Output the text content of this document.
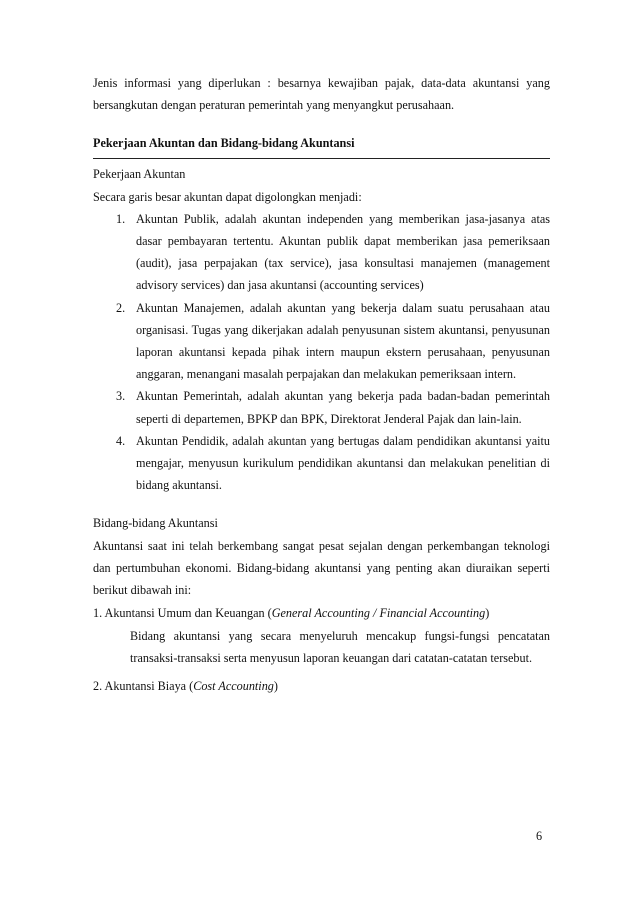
Jenis informasi yang diperlukan : besarnya kewajiban pajak, data-data akuntansi yang bersangkutan dengan peraturan pemerintah yang menyangkut perusahaan.

Pekerjaan Akuntan dan Bidang-bidang Akuntansi

Pekerjaan Akuntan

Secara garis besar akuntan dapat digolongkan menjadi:

1. Akuntan Publik, adalah akuntan independen yang memberikan jasa-jasanya atas dasar pembayaran tertentu. Akuntan publik dapat memberikan jasa pemeriksaan (audit), jasa perpajakan (tax service), jasa konsultasi manajemen (management advisory services) dan jasa akuntansi (accounting services)

2. Akuntan Manajemen, adalah akuntan yang bekerja dalam suatu perusahaan atau organisasi. Tugas yang dikerjakan adalah penyusunan sistem akuntansi, penyusunan laporan akuntansi kepada pihak intern maupun ekstern perusahaan, penyusunan anggaran, menangani masalah perpajakan dan melakukan pemeriksaan intern.

3. Akuntan Pemerintah, adalah akuntan yang bekerja pada badan-badan pemerintah seperti di departemen, BPKP dan BPK, Direktorat Jenderal Pajak dan lain-lain.

4. Akuntan Pendidik, adalah akuntan yang bertugas dalam pendidikan akuntansi yaitu mengajar, menyusun kurikulum pendidikan akuntansi dan melakukan penelitian di bidang akuntansi.

Bidang-bidang Akuntansi

Akuntansi saat ini telah berkembang sangat pesat sejalan dengan perkembangan teknologi dan pertumbuhan ekonomi. Bidang-bidang akuntansi yang penting akan diuraikan seperti berikut dibawah ini:

1. Akuntansi Umum dan Keuangan (General Accounting / Financial Accounting)

Bidang akuntansi yang secara menyeluruh mencakup fungsi-fungsi pencatatan transaksi-transaksi serta menyusun laporan keuangan dari catatan-catatan tersebut.

2. Akuntansi Biaya (Cost Accounting)

6
